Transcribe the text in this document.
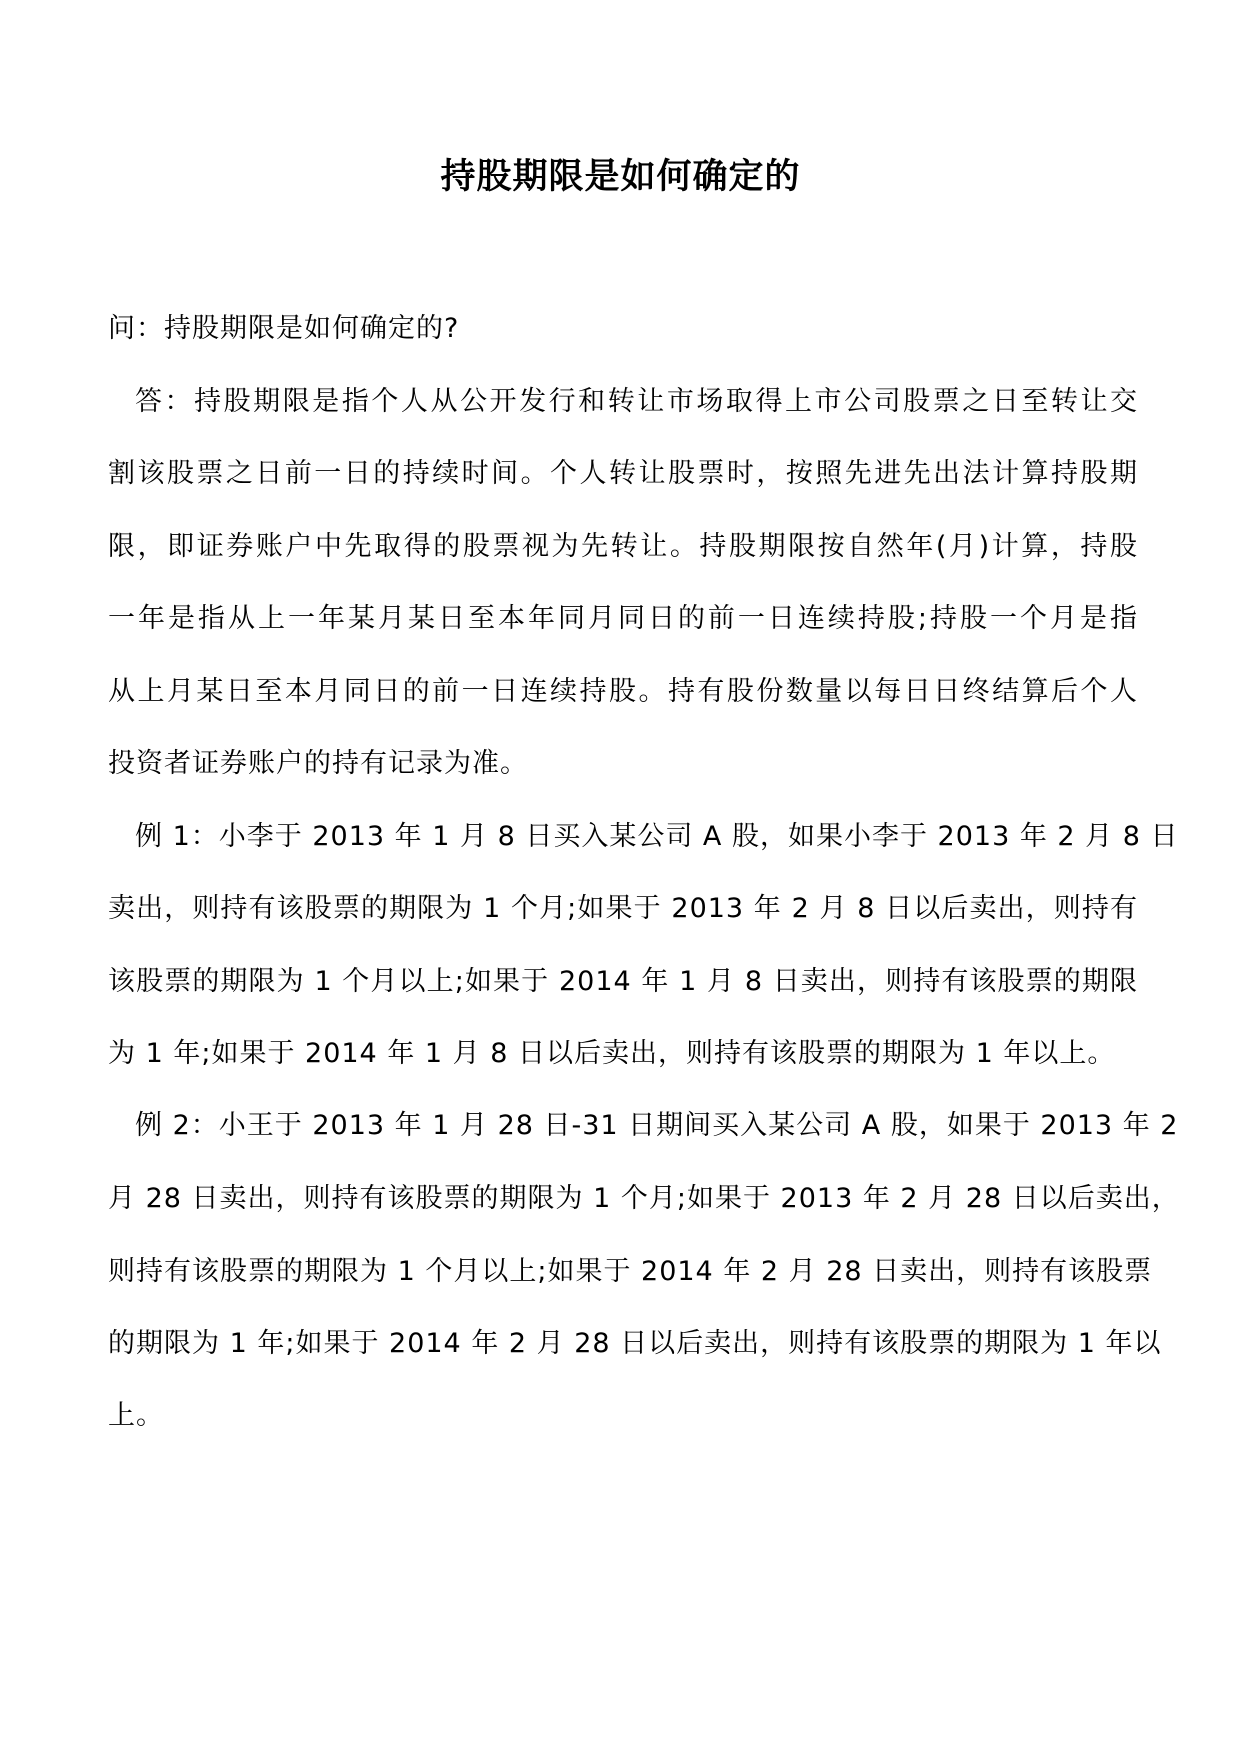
持股期限是如何确定的
问：持股期限是如何确定的?
答：持股期限是指个人从公开发行和转让市场取得上市公司股票之日至转让交
割该股票之日前一日的持续时间。个人转让股票时，按照先进先出法计算持股期
限，即证券账户中先取得的股票视为先转让。持股期限按自然年(月)计算，持股
一年是指从上一年某月某日至本年同月同日的前一日连续持股;持股一个月是指
从上月某日至本月同日的前一日连续持股。持有股份数量以每日日终结算后个人
投资者证券账户的持有记录为准。
例 1：小李于 2013 年 1 月 8 日买入某公司 A 股，如果小李于 2013 年 2 月 8 日
卖出，则持有该股票的期限为 1 个月;如果于 2013 年 2 月 8 日以后卖出，则持有
该股票的期限为 1 个月以上;如果于 2014 年 1 月 8 日卖出，则持有该股票的期限
为 1 年;如果于 2014 年 1 月 8 日以后卖出，则持有该股票的期限为 1 年以上。
例 2：小王于 2013 年 1 月 28 日-31 日期间买入某公司 A 股，如果于 2013 年 2
月 28 日卖出，则持有该股票的期限为 1 个月;如果于 2013 年 2 月 28 日以后卖出，
则持有该股票的期限为 1 个月以上;如果于 2014 年 2 月 28 日卖出，则持有该股票
的期限为 1 年;如果于 2014 年 2 月 28 日以后卖出，则持有该股票的期限为 1 年以
上。
